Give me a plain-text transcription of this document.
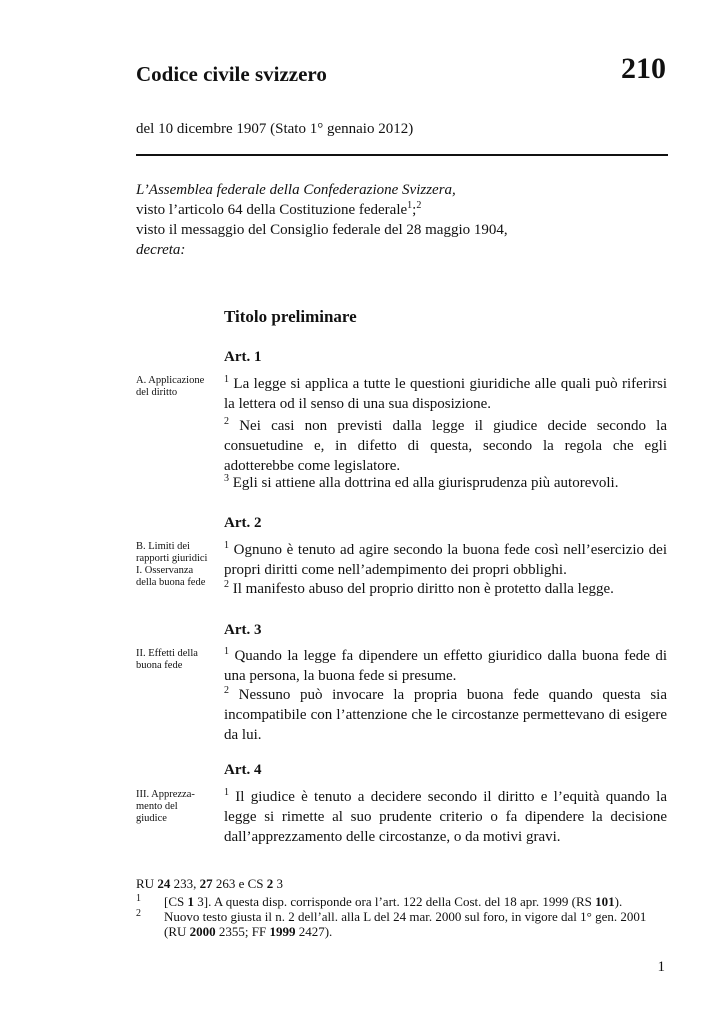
210
Codice civile svizzero
del 10 dicembre 1907 (Stato 1° gennaio 2012)
L’Assemblea federale della Confederazione Svizzera,
visto l’articolo 64 della Costituzione federale$^1$;$^2$
visto il messaggio del Consiglio federale del 28 maggio 1904,
decreta:
Titolo preliminare
Art. 1
A. Applicazione
del diritto
$^1$ La legge si applica a tutte le questioni giuridiche alle quali può riferirsi la lettera od il senso di una sua disposizione.
$^2$ Nei casi non previsti dalla legge il giudice decide secondo la consuetudine e, in difetto di questa, secondo la regola che egli adotterebbe come legislatore.
$^3$ Egli si attiene alla dottrina ed alla giurisprudenza più autorevoli.
Art. 2
B. Limiti dei
rapporti giuridici
I. Osservanza
della buona fede
$^1$ Ognuno è tenuto ad agire secondo la buona fede così nell’esercizio dei propri diritti come nell’adempimento dei propri obblighi.
$^2$ Il manifesto abuso del proprio diritto non è protetto dalla legge.
Art. 3
II. Effetti della
buona fede
$^1$ Quando la legge fa dipendere un effetto giuridico dalla buona fede di una persona, la buona fede si presume.
$^2$ Nessuno può invocare la propria buona fede quando questa sia incompatibile con l’attenzione che le circostanze permettevano di esigere da lui.
Art. 4
III. Apprezza-
mento del
giudice
$^1$ Il giudice è tenuto a decidere secondo il diritto e l’equità quando la legge si rimette al suo prudente criterio o fa dipendere la decisione dall’apprezzamento delle circostanze, o da motivi gravi.
RU 24 233, 27 263 e CS 2 3
1 [CS 1 3]. A questa disp. corrisponde ora l’art. 122 della Cost. del 18 apr. 1999 (RS 101).
2 Nuovo testo giusta il n. 2 dell’all. alla L del 24 mar. 2000 sul foro, in vigore dal 1° gen. 2001 (RU 2000 2355; FF 1999 2427).
1
